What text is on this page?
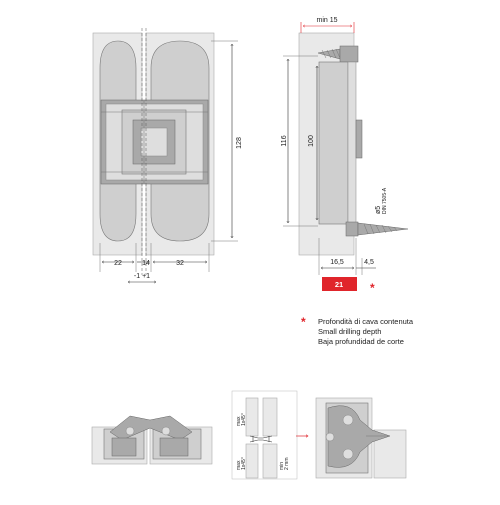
128
22	14	32
-1 +1
min 15
ø5 DIN 7505-A
116	100
16,5	4,5
21 *
* Profondità di cava contenuta
Small drilling depth
Baja profundidad de corte
max 1x45°
max 1x45°	min 2 mm
